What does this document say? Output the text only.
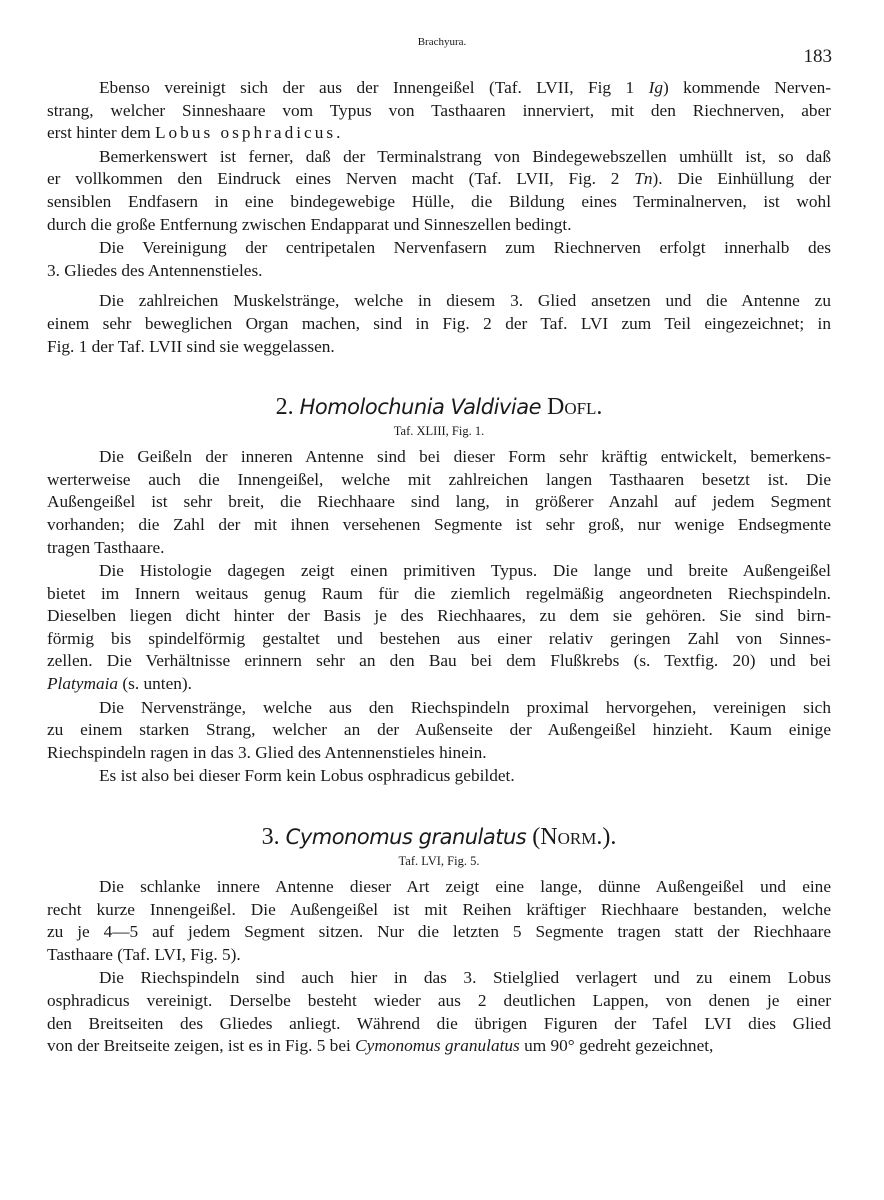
Brachyura.
183
Ebenso vereinigt sich der aus der Innengeißel (Taf. LVII, Fig 1 Ig) kommende Nerven-
strang, welcher Sinneshaare vom Typus von Tasthaaren innerviert, mit den Riechnerven, aber
erst hinter dem Lobus osphradicus.
Bemerkenswert ist ferner, daß der Terminalstrang von Bindegewebszellen umhüllt ist, so daß
er vollkommen den Eindruck eines Nerven macht (Taf. LVII, Fig. 2 Tn). Die Einhüllung der
sensiblen Endfasern in eine bindegewebige Hülle, die Bildung eines Terminalnerven, ist wohl
durch die große Entfernung zwischen Endapparat und Sinneszellen bedingt.
Die Vereinigung der centripetalen Nervenfasern zum Riechnerven erfolgt innerhalb des
3. Gliedes des Antennenstieles.
Die zahlreichen Muskelstränge, welche in diesem 3. Glied ansetzen und die Antenne zu
einem sehr beweglichen Organ machen, sind in Fig. 2 der Taf. LVI zum Teil eingezeichnet; in
Fig. 1 der Taf. LVII sind sie weggelassen.
2. Homolochunia Valdiviae Dofl.
Taf. XLIII, Fig. 1.
Die Geißeln der inneren Antenne sind bei dieser Form sehr kräftig entwickelt, bemerkens-
werterweise auch die Innengeißel, welche mit zahlreichen langen Tasthaaren besetzt ist. Die
Außengeißel ist sehr breit, die Riechhaare sind lang, in größerer Anzahl auf jedem Segment
vorhanden; die Zahl der mit ihnen versehenen Segmente ist sehr groß, nur wenige Endsegmente
tragen Tasthaare.
Die Histologie dagegen zeigt einen primitiven Typus. Die lange und breite Außengeißel
bietet im Innern weitaus genug Raum für die ziemlich regelmäßig angeordneten Riechspindeln.
Dieselben liegen dicht hinter der Basis je des Riechhaares, zu dem sie gehören. Sie sind birn-
förmig bis spindelförmig gestaltet und bestehen aus einer relativ geringen Zahl von Sinnes-
zellen. Die Verhältnisse erinnern sehr an den Bau bei dem Flußkrebs (s. Textfig. 20) und bei
Platymaia (s. unten).
Die Nervenstränge, welche aus den Riechspindeln proximal hervorgehen, vereinigen sich
zu einem starken Strang, welcher an der Außenseite der Außengeißel hinzieht. Kaum einige
Riechspindeln ragen in das 3. Glied des Antennenstieles hinein.
Es ist also bei dieser Form kein Lobus osphradicus gebildet.
3. Cymonomus granulatus (Norm.).
Taf. LVI, Fig. 5.
Die schlanke innere Antenne dieser Art zeigt eine lange, dünne Außengeißel und eine
recht kurze Innengeißel. Die Außengeißel ist mit Reihen kräftiger Riechhaare bestanden, welche
zu je 4—5 auf jedem Segment sitzen. Nur die letzten 5 Segmente tragen statt der Riechhaare
Tasthaare (Taf. LVI, Fig. 5).
Die Riechspindeln sind auch hier in das 3. Stielglied verlagert und zu einem Lobus
osphradicus vereinigt. Derselbe besteht wieder aus 2 deutlichen Lappen, von denen je einer
den Breitseiten des Gliedes anliegt. Während die übrigen Figuren der Tafel LVI dies Glied
von der Breitseite zeigen, ist es in Fig. 5 bei Cymonomus granulatus um 90° gedreht gezeichnet,
